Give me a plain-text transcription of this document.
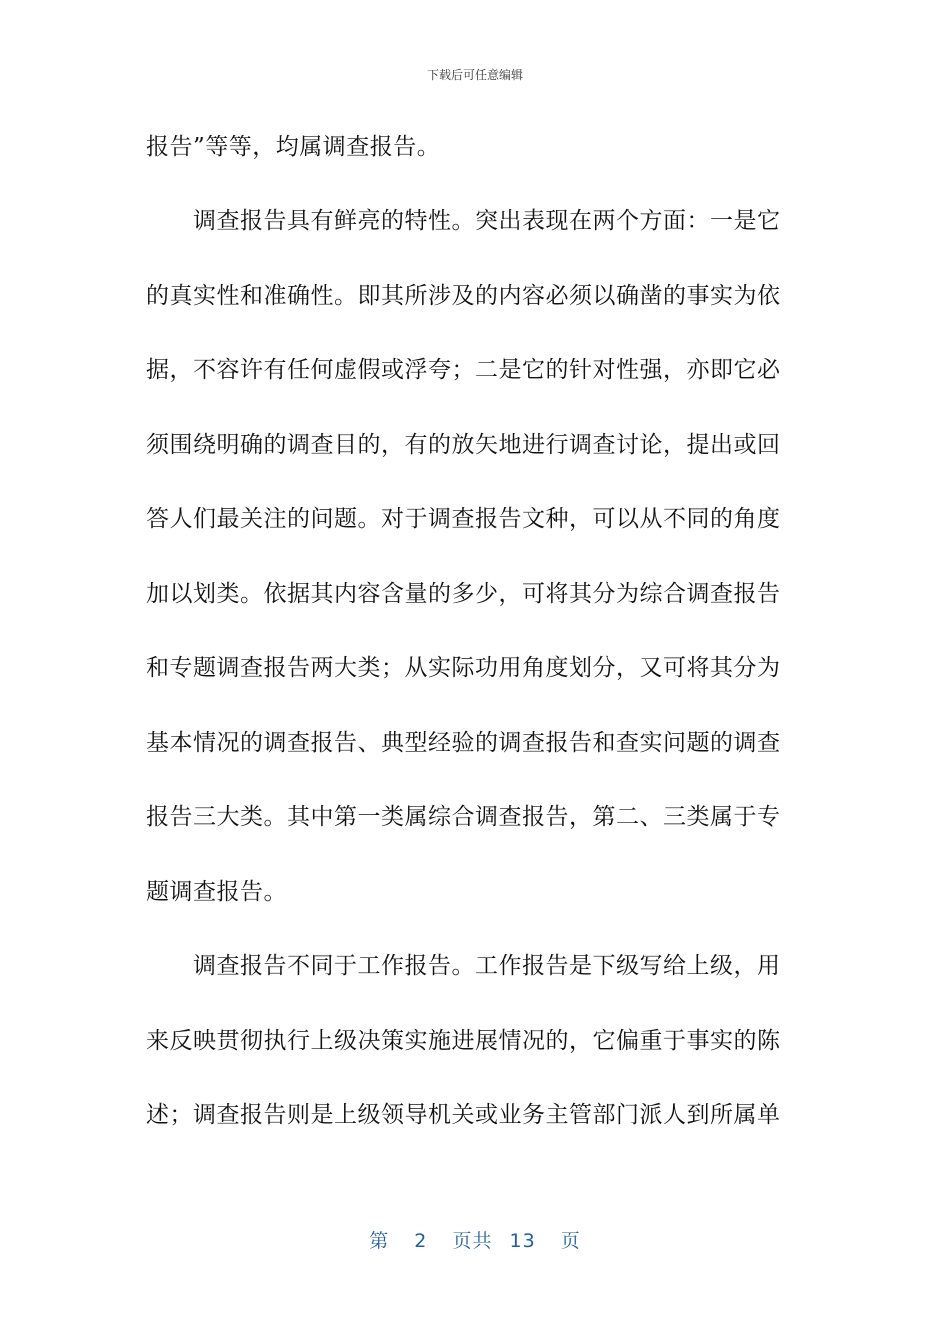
下载后可任意编辑
报告”等等，均属调查报告。
调查报告具有鲜亮的特性。突出表现在两个方面：一是它
的真实性和准确性。即其所涉及的内容必须以确凿的事实为依
据，不容许有任何虚假或浮夸；二是它的针对性强，亦即它必
须围绕明确的调查目的，有的放矢地进行调查讨论，提出或回
答人们最关注的问题。对于调查报告文种，可以从不同的角度
加以划类。依据其内容含量的多少，可将其分为综合调查报告
和专题调查报告两大类；从实际功用角度划分，又可将其分为
基本情况的调查报告、典型经验的调查报告和查实问题的调查
报告三大类。其中第一类属综合调查报告，第二、三类属于专
题调查报告。
调查报告不同于工作报告。工作报告是下级写给上级，用
来反映贯彻执行上级决策实施进展情况的，它偏重于事实的陈
述；调查报告则是上级领导机关或业务主管部门派人到所属单
第 2 页共 13 页
